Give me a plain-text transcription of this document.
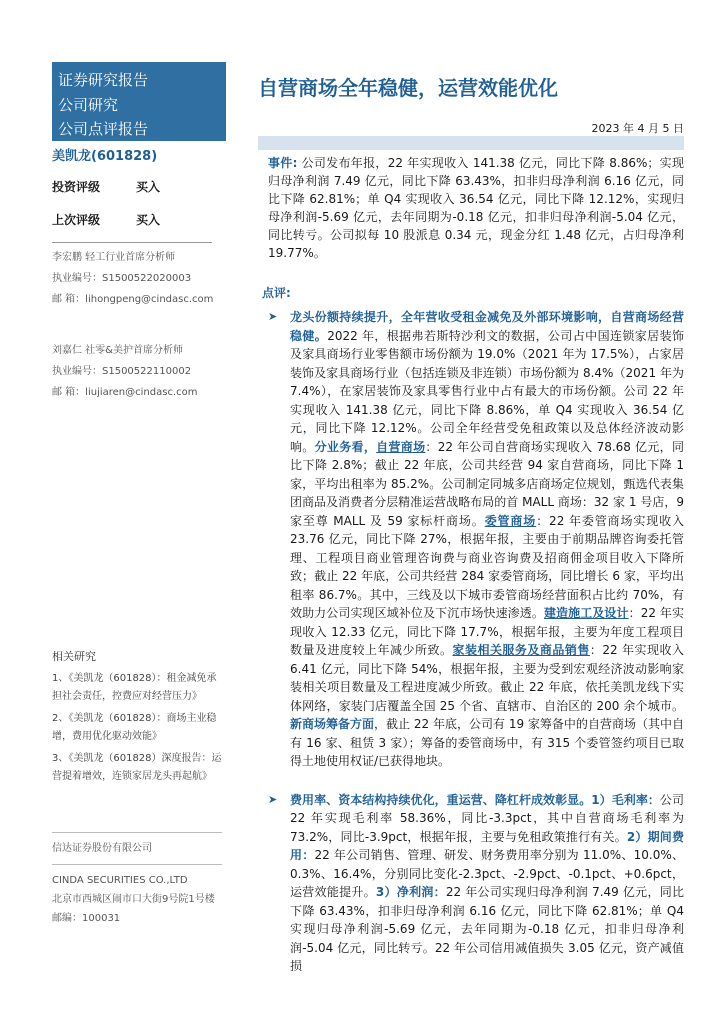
证券研究报告
公司研究
公司点评报告
美凯龙(601828)
投资评级	买入
上次评级	买入
李宏鹏 轻工行业首席分析师
执业编号：S1500522020003
邮 箱：lihongpeng@cindasc.com
刘嘉仁 社零&美护首席分析师
执业编号：S1500522110002
邮 箱：liujiaren@cindasc.com
相关研究
1、《美凯龙（601828）：租金减免承担社会责任，控费应对经营压力》
2、《美凯龙（601828）：商场主业稳增，费用优化驱动效能》
3、《美凯龙（601828）深度报告：运营提着增效，连锁家居龙头再起航》
信达证券股份有限公司
CINDA SECURITIES CO.,LTD
北京市西城区闹市口大街9号院1号楼
邮编：100031
自营商场全年稳健，运营效能优化
2023 年 4 月 5 日
事件: 公司发布年报，22 年实现收入 141.38 亿元，同比下降 8.86%；实现归母净利润 7.49 亿元，同比下降 63.43%，扣非归母净利润 6.16 亿元，同比下降 62.81%；单 Q4 实现收入 36.54 亿元，同比下降 12.12%，实现归母净利润-5.69 亿元，去年同期为-0.18 亿元，扣非归母净利润-5.04 亿元，同比转亏。公司拟每 10 股派息 0.34 元，现金分红 1.48 亿元，占归母净利 19.77%。
点评:
➤ 龙头份额持续提升，全年营收受租金减免及外部环境影响，自营商场经营稳健。2022 年，根据弗若斯特沙利文的数据，公司占中国连锁家居装饰及家具商场行业零售额市场份额为 19.0%（2021 年为 17.5%），占家居装饰及家具商场行业（包括连锁及非连锁）市场份额为 8.4%（2021 年为 7.4%），在家居装饰及家具零售行业中占有最大的市场份额。公司 22 年实现收入 141.38 亿元，同比下降 8.86%，单 Q4 实现收入 36.54 亿元，同比下降 12.12%。公司全年经营受免租政策以及总体经济波动影响。分业务看，自营商场：22 年公司自营商场实现收入 78.68 亿元，同比下降 2.8%；截止 22 年底，公司共经营 94 家自营商场，同比下降 1 家，平均出租率为 85.2%。公司制定同城多店商场定位规划，甄选代表集团商品及消费者分层精准运营战略布局的首 MALL 商场：32 家 1 号店，9 家至尊 MALL 及 59 家标杆商场。委管商场：22 年委管商场实现收入 23.76 亿元，同比下降 27%，根据年报，主要由于前期品牌咨询委托管理、工程项目商业管理咨询费与商业咨询费及招商佣金项目收入下降所致；截止 22 年底，公司共经营 284 家委管商场，同比增长 6 家，平均出租率 86.7%。其中，三线及以下城市委管商场经营面积占比约 70%，有效助力公司实现区域补位及下沉市场快速渗透。建造施工及设计：22 年实现收入 12.33 亿元，同比下降 17.7%，根据年报，主要为年度工程项目数量及进度较上年减少所致。家装相关服务及商品销售：22 年实现收入 6.41 亿元，同比下降 54%，根据年报，主要为受到宏观经济波动影响家装相关项目数量及工程进度减少所致。截止 22 年底，依托美凯龙线下实体网络，家装门店覆盖全国 25 个省、直辖市、自治区的 200 余个城市。新商场筹备方面，截止 22 年底，公司有 19 家筹备中的自营商场（其中自有 16 家、租赁 3 家）；筹备的委管商场中，有 315 个委管签约项目已取得土地使用权证/已获得地块。
➤ 费用率、资本结构持续优化，重运营、降杠杆成效彰显。1）毛利率：公司 22 年实现毛利率 58.36%，同比-3.3pct，其中自营商场毛利率为 73.2%，同比-3.9pct，根据年报，主要与免租政策推行有关。2）期间费用：22 年公司销售、管理、研发、财务费用率分别为 11.0%、10.0%、0.3%、16.4%，分别同比变化-2.3pct、-2.9pct、-0.1pct、+0.6pct，运营效能提升。3）净利润：22 年公司实现归母净利润 7.49 亿元，同比下降 63.43%，扣非归母净利润 6.16 亿元，同比下降 62.81%；单 Q4 实现归母净利润-5.69 亿元，去年同期为-0.18 亿元，扣非归母净利润-5.04 亿元，同比转亏。22 年公司信用减值损失 3.05 亿元，资产减值损
